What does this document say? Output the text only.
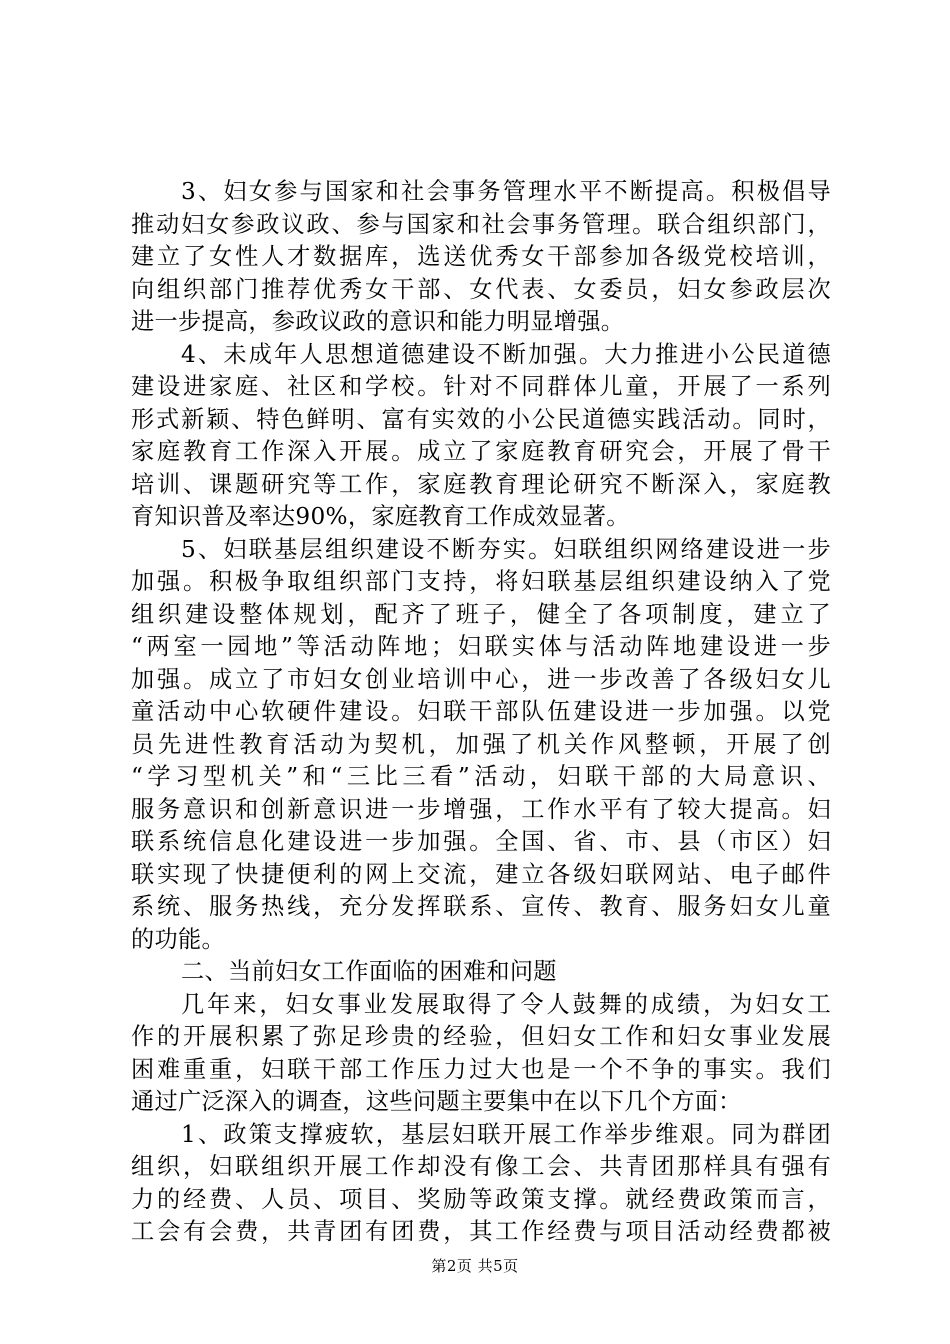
3、妇女参与国家和社会事务管理水平不断提高。积极倡导
推动妇女参政议政、参与国家和社会事务管理。联合组织部门，
建立了女性人才数据库，选送优秀女干部参加各级党校培训，
向组织部门推荐优秀女干部、女代表、女委员，妇女参政层次
进一步提高，参政议政的意识和能力明显增强。
4、未成年人思想道德建设不断加强。大力推进小公民道德
建设进家庭、社区和学校。针对不同群体儿童，开展了一系列
形式新颖、特色鲜明、富有实效的小公民道德实践活动。同时，
家庭教育工作深入开展。成立了家庭教育研究会，开展了骨干
培训、课题研究等工作，家庭教育理论研究不断深入，家庭教
育知识普及率达90%，家庭教育工作成效显著。
5、妇联基层组织建设不断夯实。妇联组织网络建设进一步
加强。积极争取组织部门支持，将妇联基层组织建设纳入了党
组织建设整体规划，配齐了班子，健全了各项制度，建立了
“两室一园地”等活动阵地；妇联实体与活动阵地建设进一步
加强。成立了市妇女创业培训中心，进一步改善了各级妇女儿
童活动中心软硬件建设。妇联干部队伍建设进一步加强。以党
员先进性教育活动为契机，加强了机关作风整顿，开展了创
“学习型机关”和“三比三看”活动，妇联干部的大局意识、
服务意识和创新意识进一步增强，工作水平有了较大提高。妇
联系统信息化建设进一步加强。全国、省、市、县（市区）妇
联实现了快捷便利的网上交流，建立各级妇联网站、电子邮件
系统、服务热线，充分发挥联系、宣传、教育、服务妇女儿童
的功能。
二、当前妇女工作面临的困难和问题
几年来，妇女事业发展取得了令人鼓舞的成绩，为妇女工
作的开展积累了弥足珍贵的经验，但妇女工作和妇女事业发展
困难重重，妇联干部工作压力过大也是一个不争的事实。我们
通过广泛深入的调查，这些问题主要集中在以下几个方面：
1、政策支撑疲软，基层妇联开展工作举步维艰。同为群团
组织，妇联组织开展工作却没有像工会、共青团那样具有强有
力的经费、人员、项目、奖励等政策支撑。就经费政策而言，
工会有会费，共青团有团费，其工作经费与项目活动经费都被
第2页 共5页
